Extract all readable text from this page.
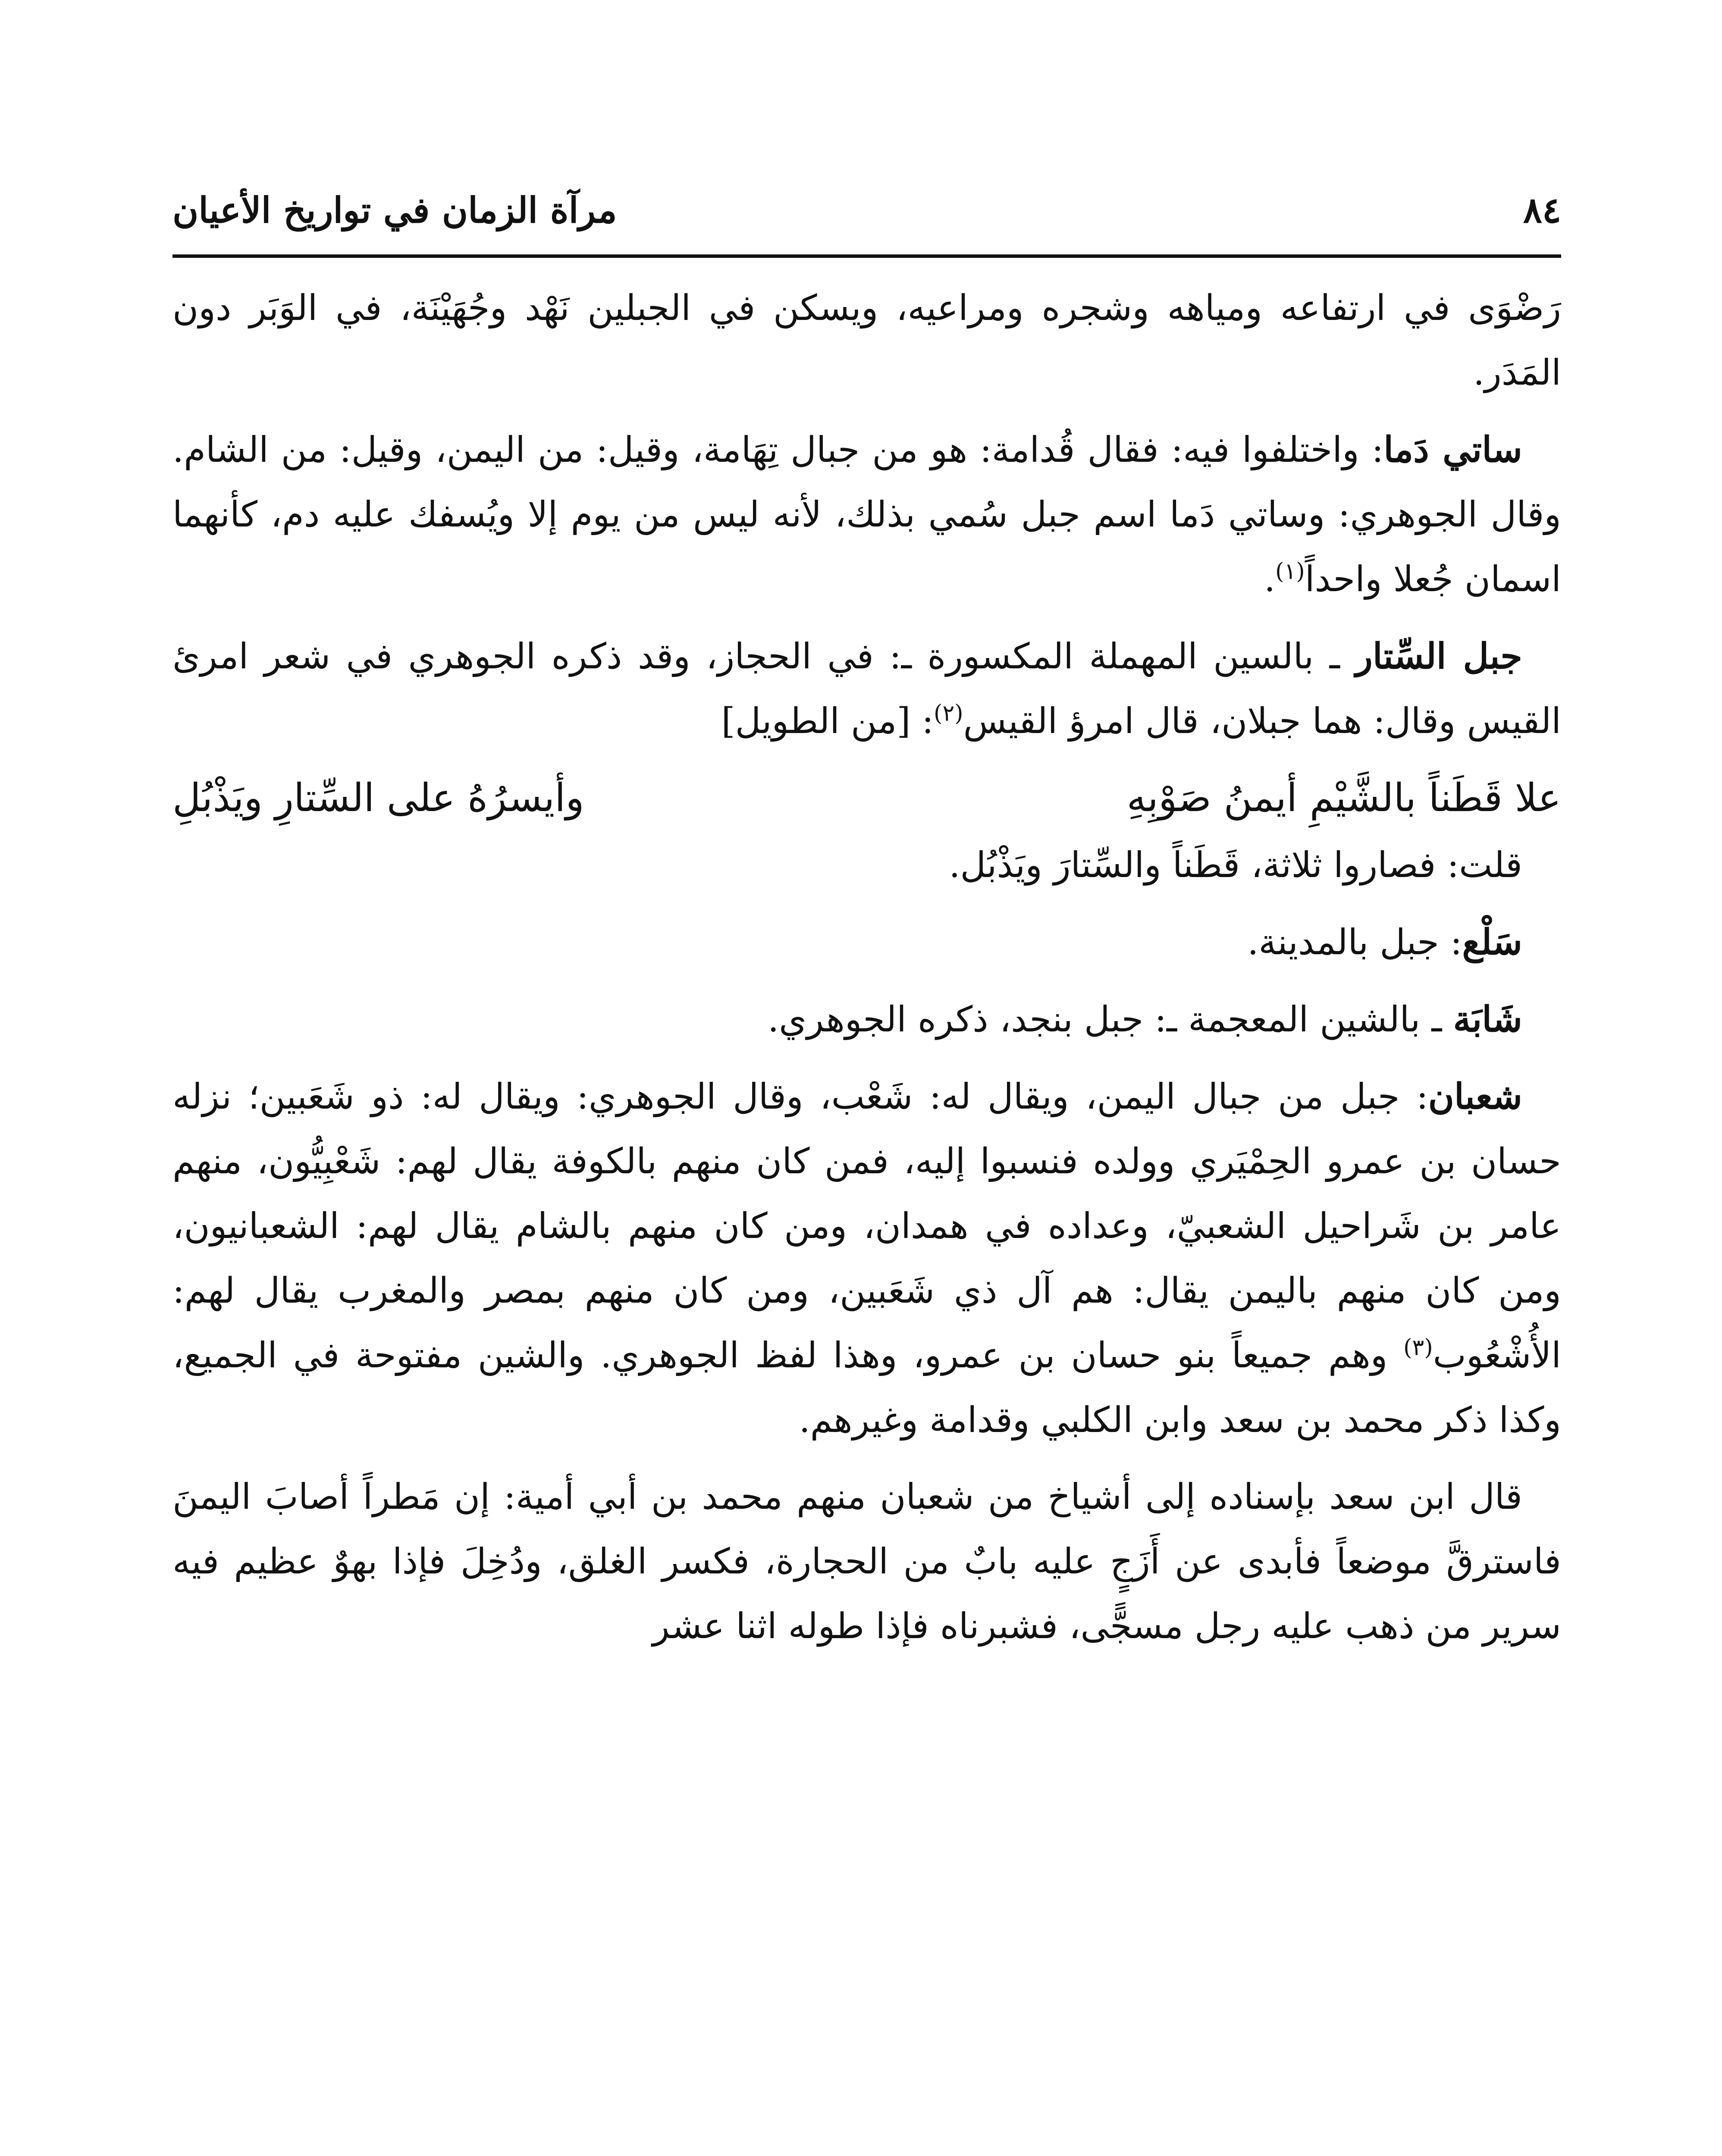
٨٤
مرآة الزمان في تواريخ الأعيان

رَضْوَى في ارتفاعه ومياهه وشجره ومراعيه، ويسكن في الجبلين نَهْد وجُهَيْنَة، في الوَبَر دون المَدَر.

ساتي دَما: واختلفوا فيه: فقال قُدامة: هو من جبال تِهَامة، وقيل: من اليمن، وقيل: من الشام. وقال الجوهري: وساتي دَما اسم جبل سُمي بذلك، لأنه ليس من يوم إلا ويُسفك عليه دم، كأنهما اسمان جُعلا واحداً$^{(١)}$.

جبل السِّتار ـ بالسين المهملة المكسورة ـ: في الحجاز، وقد ذكره الجوهري في شعر امرئ القيس وقال: هما جبلان، قال امرؤ القيس$^{(٢)}$: [من الطويل]

علا قَطَناً بالشَّيْمِ أيمنُ صَوْبِهِ
وأيسرُهُ على السِّتارِ ويَذْبُلِ

قلت: فصاروا ثلاثة، قَطَناً والسِّتارَ ويَذْبُل.

سَلْع: جبل بالمدينة.

شَابَة ـ بالشين المعجمة ـ: جبل بنجد، ذكره الجوهري.

شعبان: جبل من جبال اليمن، ويقال له: شَعْب، وقال الجوهري: ويقال له: ذو شَعَبين؛ نزله حسان بن عمرو الحِمْيَري وولده فنسبوا إليه، فمن كان منهم بالكوفة يقال لهم: شَعْبِيُّون، منهم عامر بن شَراحيل الشعبيّ، وعداده في همدان، ومن كان منهم بالشام يقال لهم: الشعبانيون، ومن كان منهم باليمن يقال: هم آل ذي شَعَبين، ومن كان منهم بمصر والمغرب يقال لهم: الأُشْعُوب$^{(٣)}$ وهم جميعاً بنو حسان بن عمرو، وهذا لفظ الجوهري. والشين مفتوحة في الجميع، وكذا ذكر محمد بن سعد وابن الكلبي وقدامة وغيرهم.

قال ابن سعد بإسناده إلى أشياخ من شعبان منهم محمد بن أبي أمية: إن مَطراً أصابَ اليمنَ فاسترقَّ موضعاً فأبدى عن أَزَجٍ عليه بابٌ من الحجارة، فكسر الغلق، ودُخِلَ فإذا بهوٌ عظيم فيه سرير من ذهب عليه رجل مسجًّى، فشبرناه فإذا طوله اثنا عشر
